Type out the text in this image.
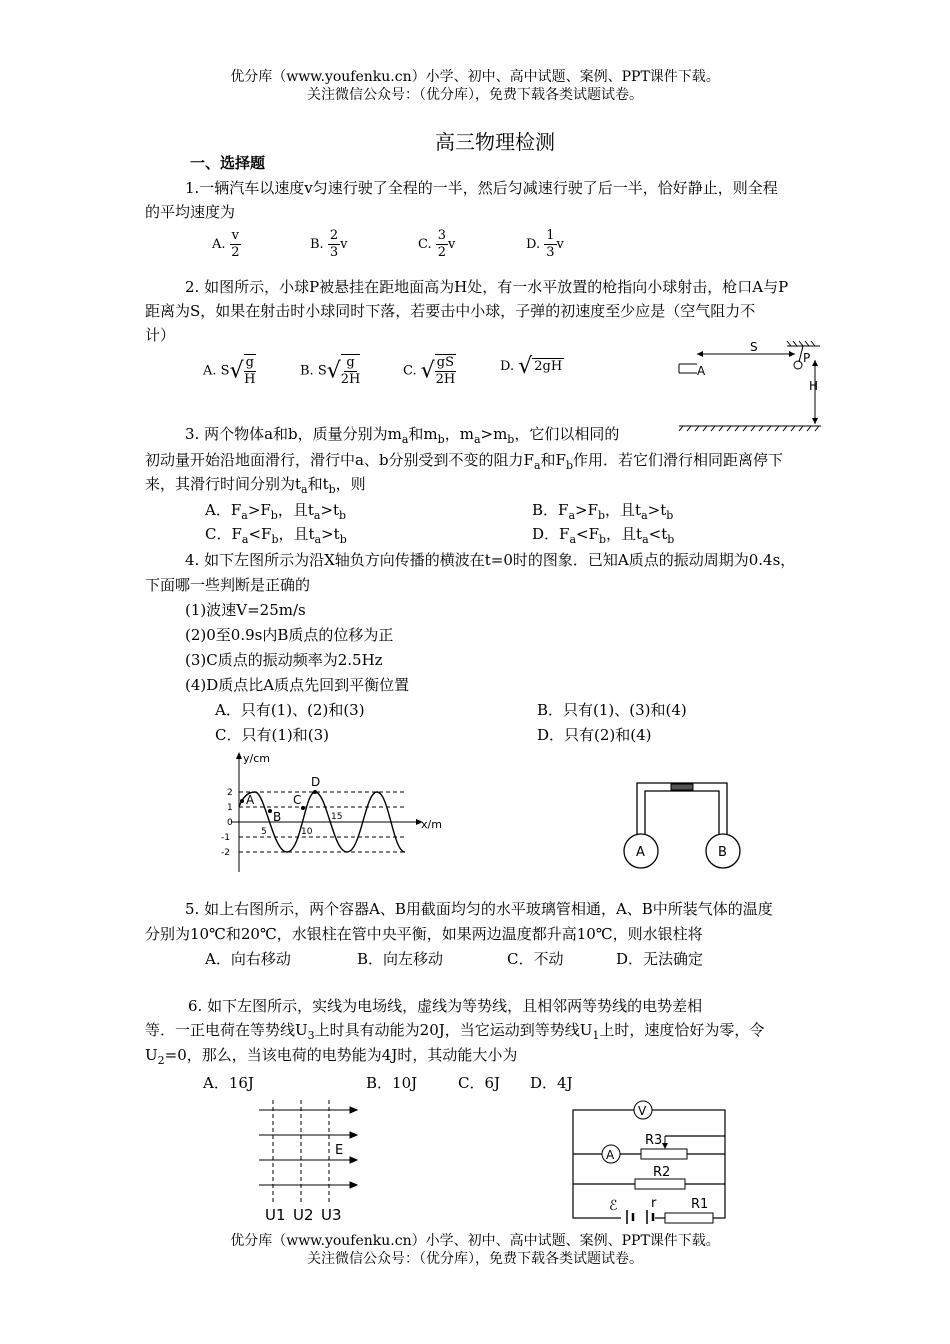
优分库（www.youfenku.cn）小学、初中、高中试题、案例、PPT课件下载。
关注微信公众号：（优分库），免费下载各类试题试卷。
高三物理检测
一、选择题
1.一辆汽车以速度v匀速行驶了全程的一半，然后匀减速行驶了后一半，恰好静止，则全程
的平均速度为
A. $\frac{v}{2}$	B. $\frac{2}{3}$ v	C. $\frac{3}{2}$ v	D. $\frac{1}{3}$ v
2. 如图所示，小球P被悬挂在距地面高为H处，有一水平放置的枪指向小球射击，枪口A与P
距离为S，如果在射击时小球同时下落，若要击中小球，子弹的初速度至少应是（空气阻力不
计）
A. $S√ \frac{g}{H}$	B. $S√ \frac{g}{2H}$	C. √ $\frac{gS}{2H}$	D. √ 2gH	A
S
P
H
3. 两个物体a和b，质量分别为$m_a$和$m_b$，$m_a>m_b$，它们以相同的
初动量开始沿地面滑行，滑行中a、b分别受到不变的阻力$F_a$和$F_b$作用．若它们滑行相同距离停下
来，其滑行时间分别为$t_a$和$t_b$，则
A．$F_a>F_b$，且$t_a>t_b$	B．$F_a>F_b$，且$t_a>t_b$
C．$F_a<F_b$，且$t_a>t_b$	D．$F_a<F_b$，且$t_a<t_b$
4. 如下左图所示为沿X轴负方向传播的横波在t=0时的图象．已知A质点的振动周期为0.4s，
下面哪一些判断是正确的
(1)波速V=25m/s
(2)0至0.9s内B质点的位移为正
(3)C质点的振动频率为2.5Hz
(4)D质点比A质点先回到平衡位置
A．只有(1)、(2)和(3)	B．只有(1)、(3)和(4)
C．只有(1)和(3)	D．只有(2)和(4)
y/cm
x/m
2
1
0
-1
-2
5	10
15
A
B
C
D
A	B
5. 如上右图所示，两个容器A、B用截面均匀的水平玻璃管相通，A、B中所装气体的温度
分别为10℃和20℃，水银柱在管中央平衡，如果两边温度都升高10℃，则水银柱将
A．向右移动	B．向左移动	C．不动	D．无法确定
6. 如下左图所示，实线为电场线，虚线为等势线，且相邻两等势线的电势差相
等．一正电荷在等势线$U_3$上时具有动能为20J，当它运动到等势线$U_1$上时，速度恰好为零，令
$U_2=0$，那么，当该电荷的电势能为4J时，其动能大小为
A．16J	B．10J	C．6J D．4J
E
U1 U2 U3
V
A
R3
R2
R1
ℰ	r
优分库（www.youfenku.cn）小学、初中、高中试题、案例、PPT课件下载。
关注微信公众号：（优分库），免费下载各类试题试卷。
